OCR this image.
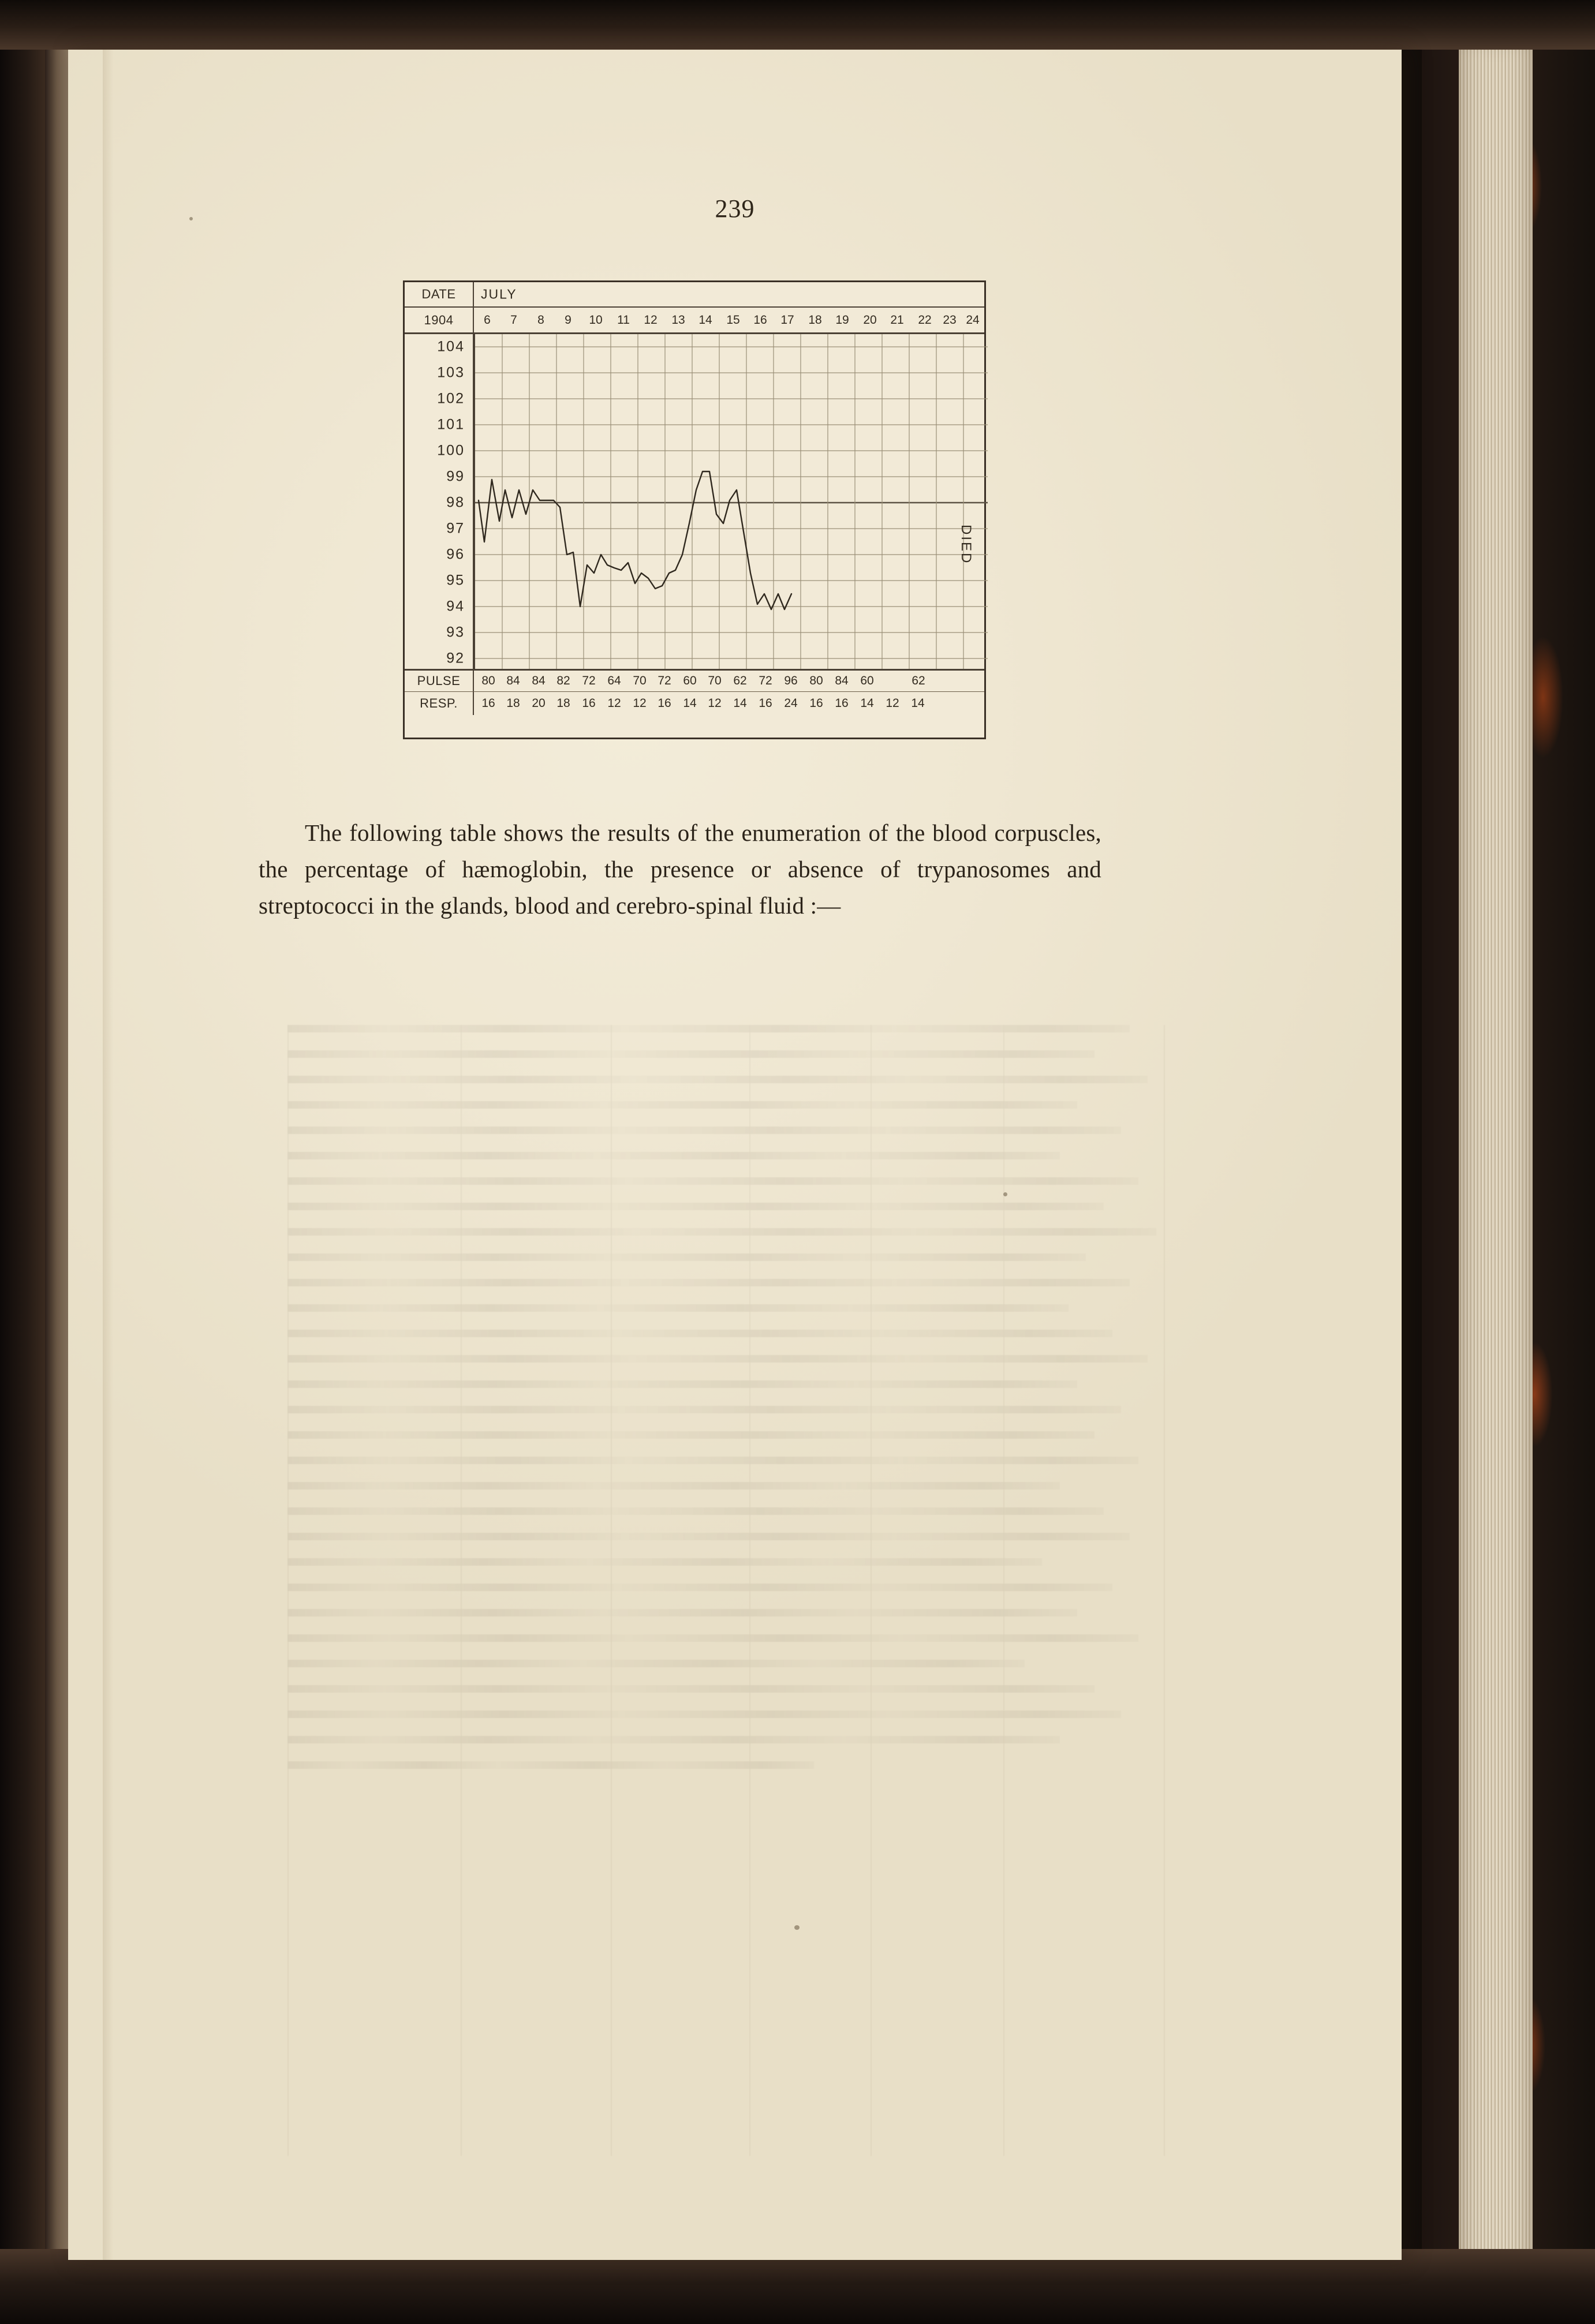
239
DATE	JULY
1904	6 7 8 9 10 11 12 13 14 15 16 17 18 19 20 21 22 23 24
104
103
102
101
100
99
98
97
96
95
94
93
92
DIED
PULSE	80 84 84 82 72 64 70 72 60 70 62 72 96 80 84 60	62
RESP.	16 18 20 18 16 12 12 16 14 12 14 16 24 16 16 14 12 14

The following table shows the results of the enumeration of the blood corpuscles, the percentage of hæmoglobin, the presence or absence of trypanosomes and streptococci in the glands, blood and cerebro-spinal fluid :—
